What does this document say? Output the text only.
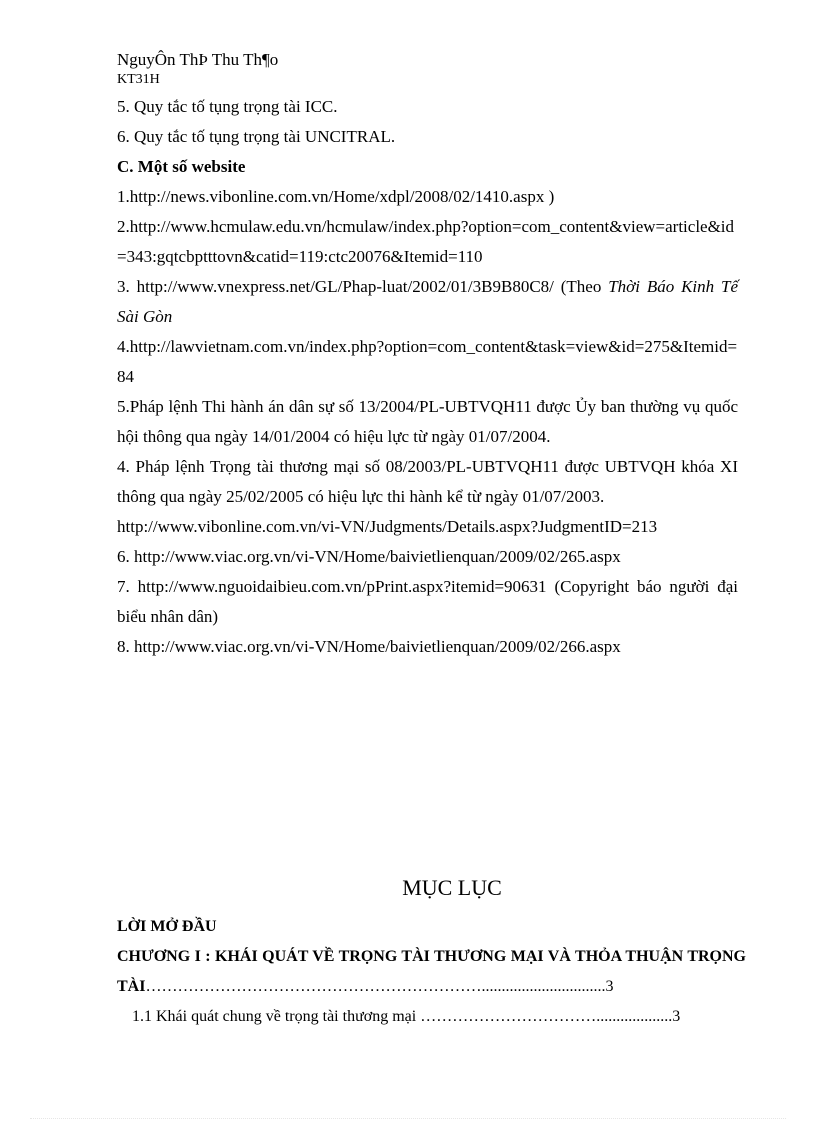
NguyÔn ThÞ Thu Th¶o
KT31H

5. Quy tắc tố tụng trọng tài ICC.

6. Quy tắc tố tụng trọng tài UNCITRAL.

C. Một số website

1.http://news.vibonline.com.vn/Home/xdpl/2008/02/1410.aspx )

2.http://www.hcmulaw.edu.vn/hcmulaw/index.php?option=com_content&view=article&id=343:gqtcbptttovn&catid=119:ctc20076&Itemid=110

3. http://www.vnexpress.net/GL/Phap-luat/2002/01/3B9B80C8/ (Theo Thời Báo Kinh Tế Sài Gòn

4.http://lawvietnam.com.vn/index.php?option=com_content&task=view&id=275&Itemid=84

5.Pháp lệnh Thi hành án dân sự số 13/2004/PL-UBTVQH11 được Ủy ban thường vụ quốc hội thông qua ngày 14/01/2004 có hiệu lực từ ngày 01/07/2004.

4. Pháp lệnh Trọng tài thương mại số 08/2003/PL-UBTVQH11 được UBTVQH khóa XI thông qua ngày 25/02/2005 có hiệu lực thi hành kể từ ngày 01/07/2003.

http://www.vibonline.com.vn/vi-VN/Judgments/Details.aspx?JudgmentID=213

6. http://www.viac.org.vn/vi-VN/Home/baivietlienquan/2009/02/265.aspx

7. http://www.nguoidaibieu.com.vn/pPrint.aspx?itemid=90631 (Copyright báo người đại biểu nhân dân)

8. http://www.viac.org.vn/vi-VN/Home/baivietlienquan/2009/02/266.aspx

MỤC LỤC

LỜI MỞ ĐẦU

CHƯƠNG I : KHÁI QUÁT VỀ TRỌNG TÀI THƯƠNG MẠI VÀ THỎA THUẬN TRỌNG TÀI………………………………………………………...............................3

1.1 Khái quát chung về trọng tài thương mại ……………………………...................3
